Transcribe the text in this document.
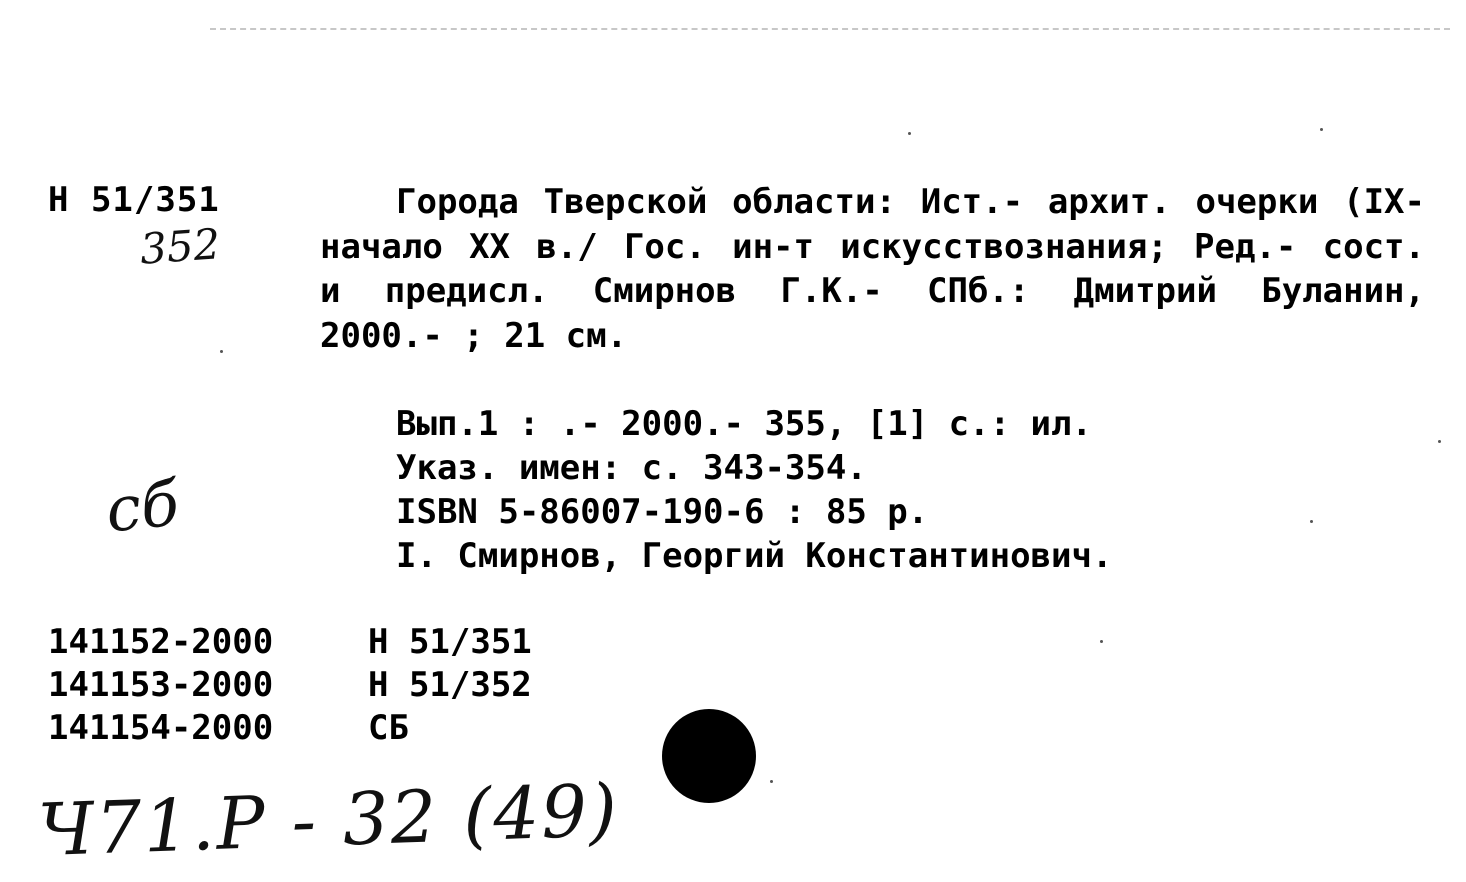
Н 51/351
352
сб

Города Тверской области: Ист.- архит. очерки (IX- начало XX в./ Гос. ин-т искусствознания; Ред.- сост. и предисл. Смирнов Г.К.- СПб.: Дмитрий Буланин, 2000.- ; 21 см.

Вып.1 : .- 2000.- 355, [1] с.: ил.

Указ. имен: с. 343-354.

ISBN 5-86007-190-6 : 85 р.

I. Смирнов, Георгий Константинович.

141152-2000	Н 51/351
141153-2000	Н 51/352
141154-2000	СБ
Ч71.Р - 32 (49)
